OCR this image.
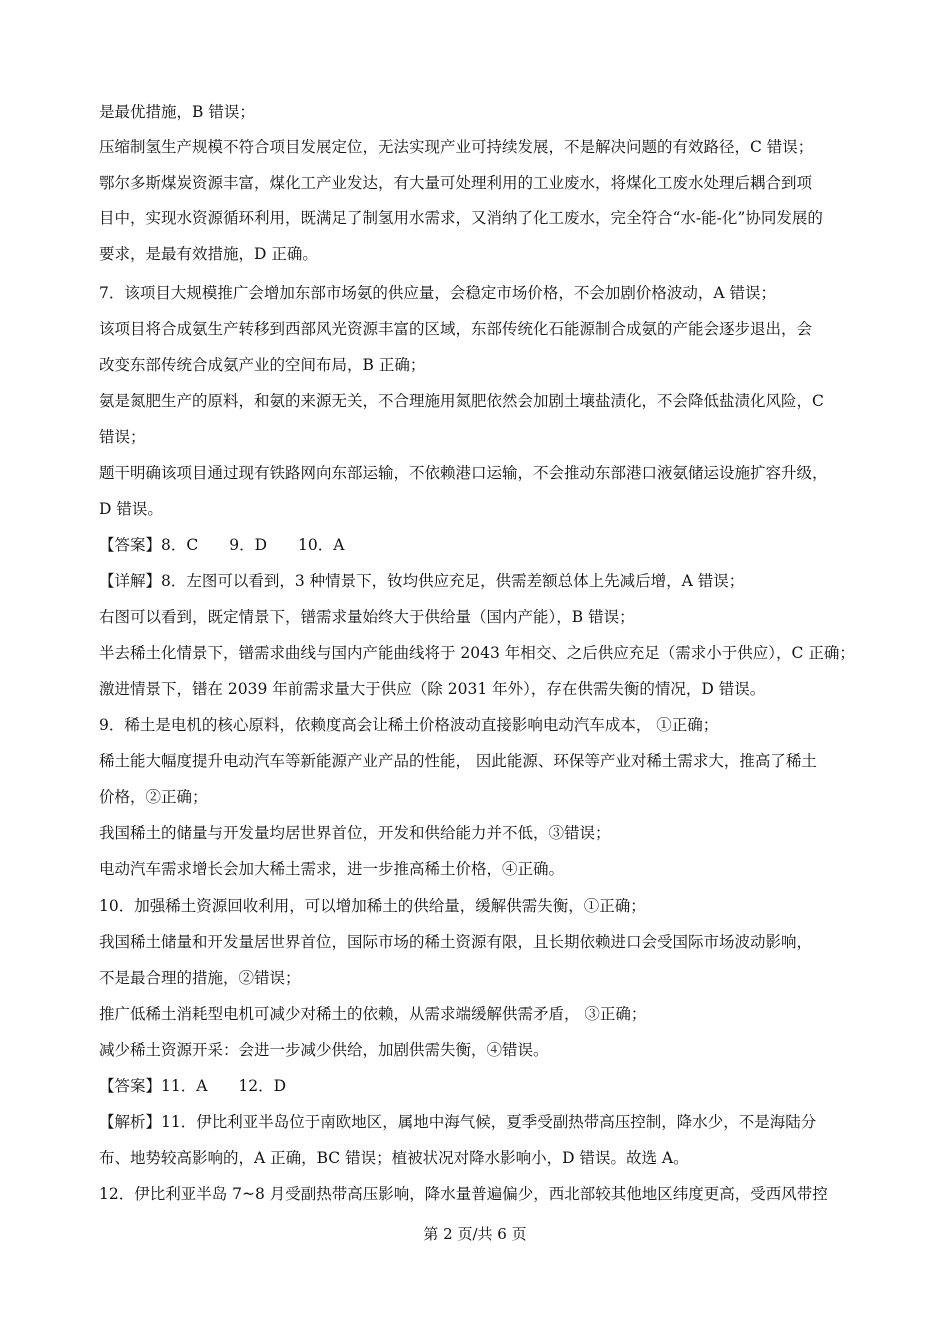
是最优措施，B 错误；
压缩制氢生产规模不符合项目发展定位，无法实现产业可持续发展，不是解决问题的有效路径，C 错误；
鄂尔多斯煤炭资源丰富，煤化工产业发达，有大量可处理利用的工业废水，将煤化工废水处理后耦合到项
目中，实现水资源循环利用，既满足了制氢用水需求，又消纳了化工废水，完全符合“水-能-化”协同发展的
要求，是最有效措施，D 正确。
7．该项目大规模推广会增加东部市场氨的供应量，会稳定市场价格，不会加剧价格波动，A 错误；
该项目将合成氨生产转移到西部风光资源丰富的区域，东部传统化石能源制合成氨的产能会逐步退出，会
改变东部传统合成氨产业的空间布局，B 正确；
氨是氮肥生产的原料，和氨的来源无关，不合理施用氮肥依然会加剧土壤盐渍化，不会降低盐渍化风险，C
错误；
题干明确该项目通过现有铁路网向东部运输，不依赖港口运输，不会推动东部港口液氨储运设施扩容升级，
D 错误。
【答案】8．C　　9．D　　10．A
【详解】8．左图可以看到，3 种情景下，钕均供应充足，供需差额总体上先减后增，A 错误；
右图可以看到，既定情景下，镨需求量始终大于供给量（国内产能），B 错误；
半去稀土化情景下，镨需求曲线与国内产能曲线将于 2043 年相交、之后供应充足（需求小于供应），C 正确；
激进情景下，镨在 2039 年前需求量大于供应（除 2031 年外），存在供需失衡的情况，D 错误。
9．稀土是电机的核心原料，依赖度高会让稀土价格波动直接影响电动汽车成本， ①正确；
稀土能大幅度提升电动汽车等新能源产业产品的性能， 因此能源、环保等产业对稀土需求大，推高了稀土
价格，②正确；
我国稀土的储量与开发量均居世界首位，开发和供给能力并不低，③错误；
电动汽车需求增长会加大稀土需求，进一步推高稀土价格，④正确。
10．加强稀土资源回收利用，可以增加稀土的供给量，缓解供需失衡，①正确；
我国稀土储量和开发量居世界首位，国际市场的稀土资源有限，且长期依赖进口会受国际市场波动影响，
不是最合理的措施，②错误；
推广低稀土消耗型电机可减少对稀土的依赖，从需求端缓解供需矛盾， ③正确；
减少稀土资源开采：会进一步减少供给，加剧供需失衡，④错误。
【答案】11．A　　12．D
【解析】11．伊比利亚半岛位于南欧地区，属地中海气候，夏季受副热带高压控制，降水少，不是海陆分
布、地势较高影响的，A 正确，BC 错误；植被状况对降水影响小，D 错误。故选 A。
12．伊比利亚半岛 7~8 月受副热带高压影响，降水量普遍偏少，西北部较其他地区纬度更高，受西风带控
第 2 页/共 6 页
